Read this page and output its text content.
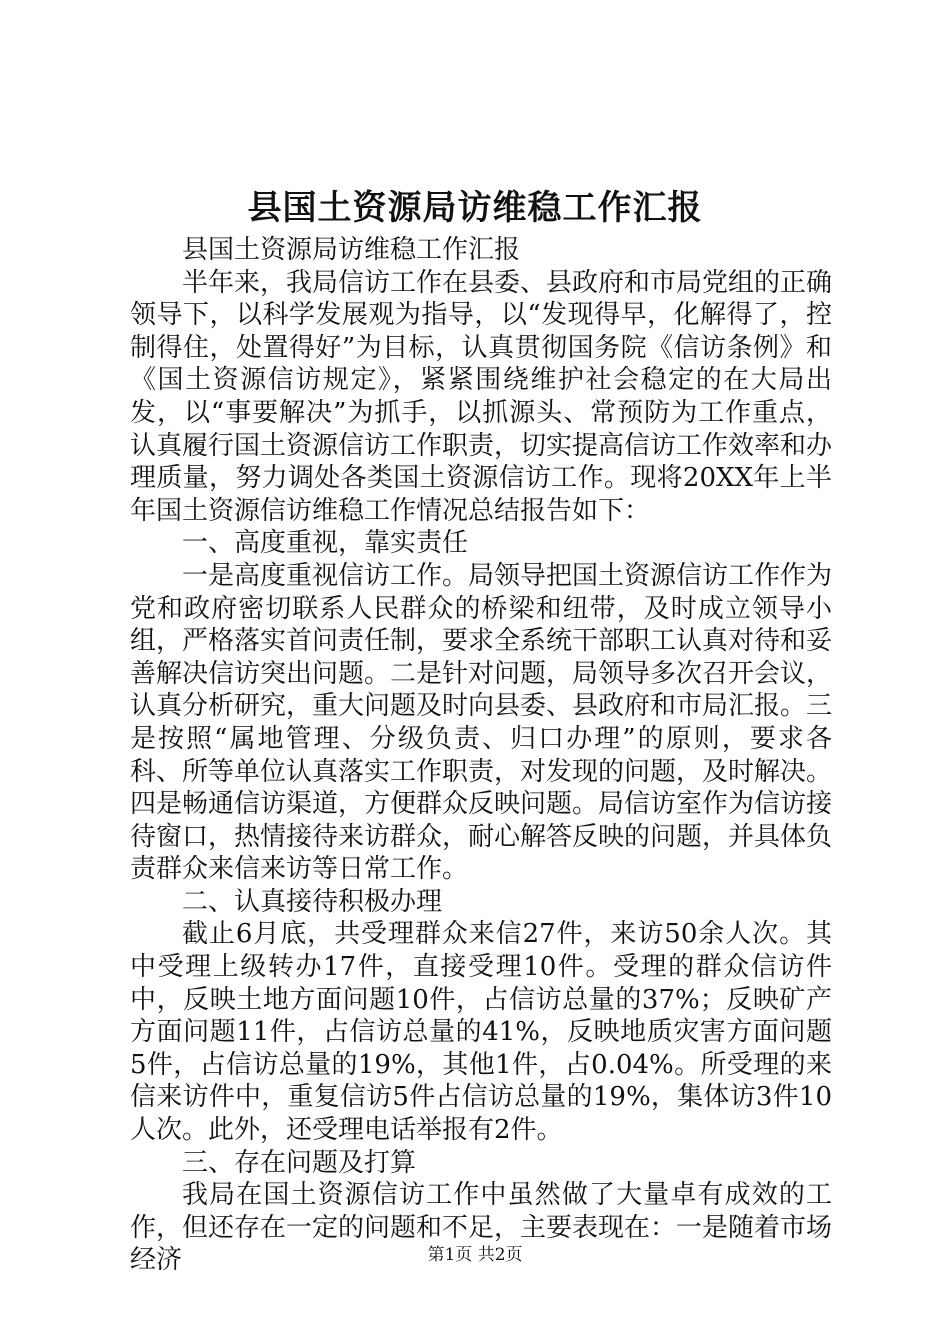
县国土资源局访维稳工作汇报

县国土资源局访维稳工作汇报

半年来，我局信访工作在县委、县政府和市局党组的正确领导下，以科学发展观为指导，以“发现得早，化解得了，控制得住，处置得好”为目标，认真贯彻国务院《信访条例》和《国土资源信访规定》，紧紧围绕维护社会稳定的在大局出发，以“事要解决”为抓手，以抓源头、常预防为工作重点，认真履行国土资源信访工作职责，切实提高信访工作效率和办理质量，努力调处各类国土资源信访工作。现将20XX年上半年国土资源信访维稳工作情况总结报告如下：

一、高度重视，靠实责任

一是高度重视信访工作。局领导把国土资源信访工作作为党和政府密切联系人民群众的桥梁和纽带，及时成立领导小组，严格落实首问责任制，要求全系统干部职工认真对待和妥善解决信访突出问题。二是针对问题，局领导多次召开会议，认真分析研究，重大问题及时向县委、县政府和市局汇报。三是按照“属地管理、分级负责、归口办理”的原则，要求各科、所等单位认真落实工作职责，对发现的问题，及时解决。四是畅通信访渠道，方便群众反映问题。局信访室作为信访接待窗口，热情接待来访群众，耐心解答反映的问题，并具体负责群众来信来访等日常工作。

二、认真接待积极办理

截止6月底，共受理群众来信27件，来访50余人次。其中受理上级转办17件，直接受理10件。受理的群众信访件中，反映土地方面问题10件，占信访总量的37%；反映矿产方面问题11件，占信访总量的41%，反映地质灾害方面问题5件，占信访总量的19%，其他1件，占0.04%。所受理的来信来访件中，重复信访5件占信访总量的19%，集体访3件10人次。此外，还受理电话举报有2件。

三、存在问题及打算

我局在国土资源信访工作中虽然做了大量卓有成效的工作，但还存在一定的问题和不足，主要表现在：一是随着市场经济	第1页 共2页
